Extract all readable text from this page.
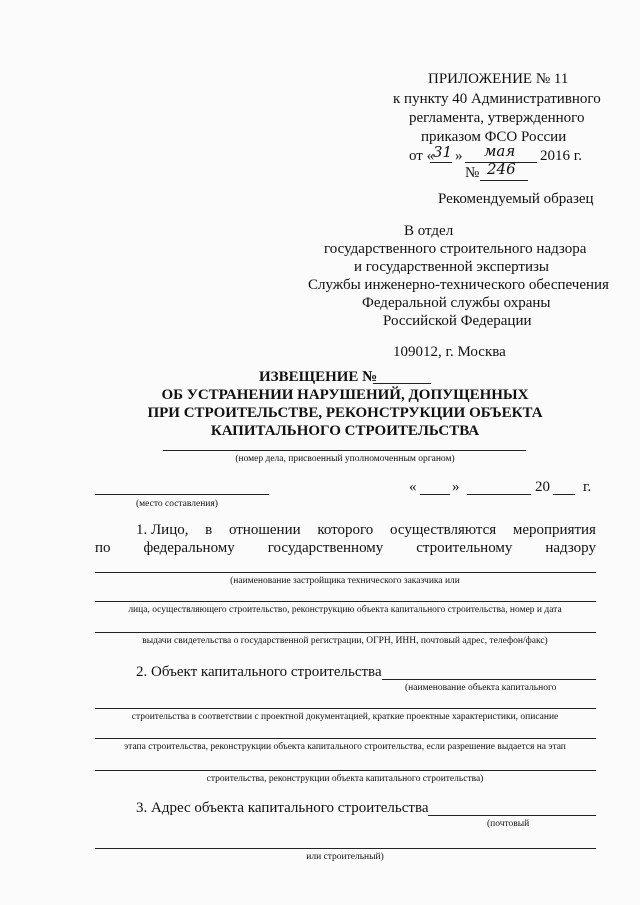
ПРИЛОЖЕНИЕ № 11
к пункту 40 Административного
регламента, утвержденного
приказом ФСО России
от «
31 » мая 2016 г.
№ 246
Рекомендуемый образец
В отдел
государственного строительного надзора
и государственной экспертизы
Службы инженерно-технического обеспечения
Федеральной службы охраны
Российской Федерации
109012, г. Москва
ИЗВЕЩЕНИЕ №
ОБ УСТРАНЕНИИ НАРУШЕНИЙ, ДОПУЩЕННЫХ
ПРИ СТРОИТЕЛЬСТВЕ, РЕКОНСТРУКЦИИ ОБЪЕКТА
КАПИТАЛЬНОГО СТРОИТЕЛЬСТВА
(номер дела, присвоенный уполномоченным органом)
(место составления)
« »	20 г.
1. Лицо, в отношении которого осуществляются мероприятия
по федеральному государственному строительному надзору
(наименование застройщика технического заказчика или
лица, осуществляющего строительство, реконструкцию объекта капитального строительства, номер и дата
выдачи свидетельства о государственной регистрации, ОГРН, ИНН, почтовый адрес, телефон/факс)
2. Объект капитального строительства
(наименование объекта капитального
строительства в соответствии с проектной документацией, краткие проектные характеристики, описание
этапа строительства, реконструкции объекта капитального строительства, если разрешение выдается на этап
строительства, реконструкции объекта капитального строительства)
3. Адрес объекта капитального строительства
(почтовый
или строительный)
